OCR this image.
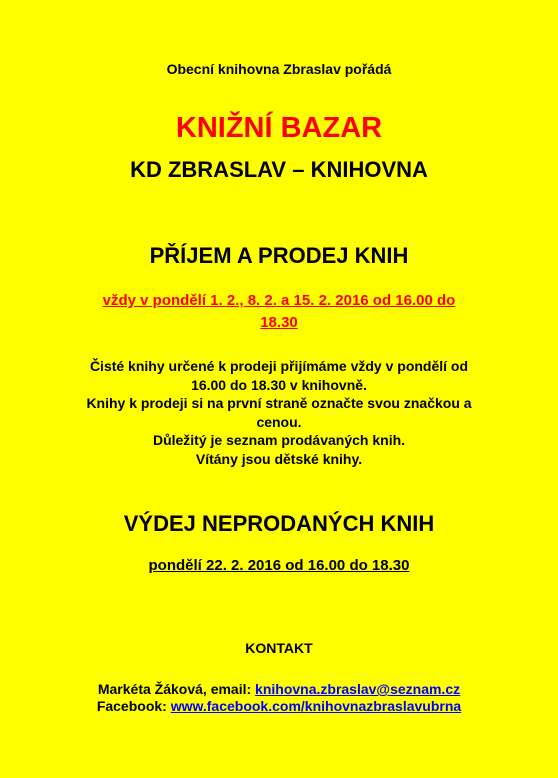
Obecní knihovna Zbraslav pořádá
KNIŽNÍ BAZAR
KD ZBRASLAV – KNIHOVNA
PŘÍJEM A PRODEJ KNIH
vždy v pondělí 1. 2., 8. 2. a 15. 2. 2016 od 16.00 do
18.30
Čisté knihy určené k prodeji přijímáme vždy v pondělí od
16.00 do 18.30 v knihovně.
Knihy k prodeji si na první straně označte svou značkou a
cenou.
Důležitý je seznam prodávaných knih.
Vítány jsou dětské knihy.
VÝDEJ NEPRODANÝCH KNIH
pondělí 22. 2. 2016 od 16.00 do 18.30
KONTAKT
Markéta Žáková, email: knihovna.zbraslav@seznam.cz
Facebook: www.facebook.com/knihovnazbraslavubrna
